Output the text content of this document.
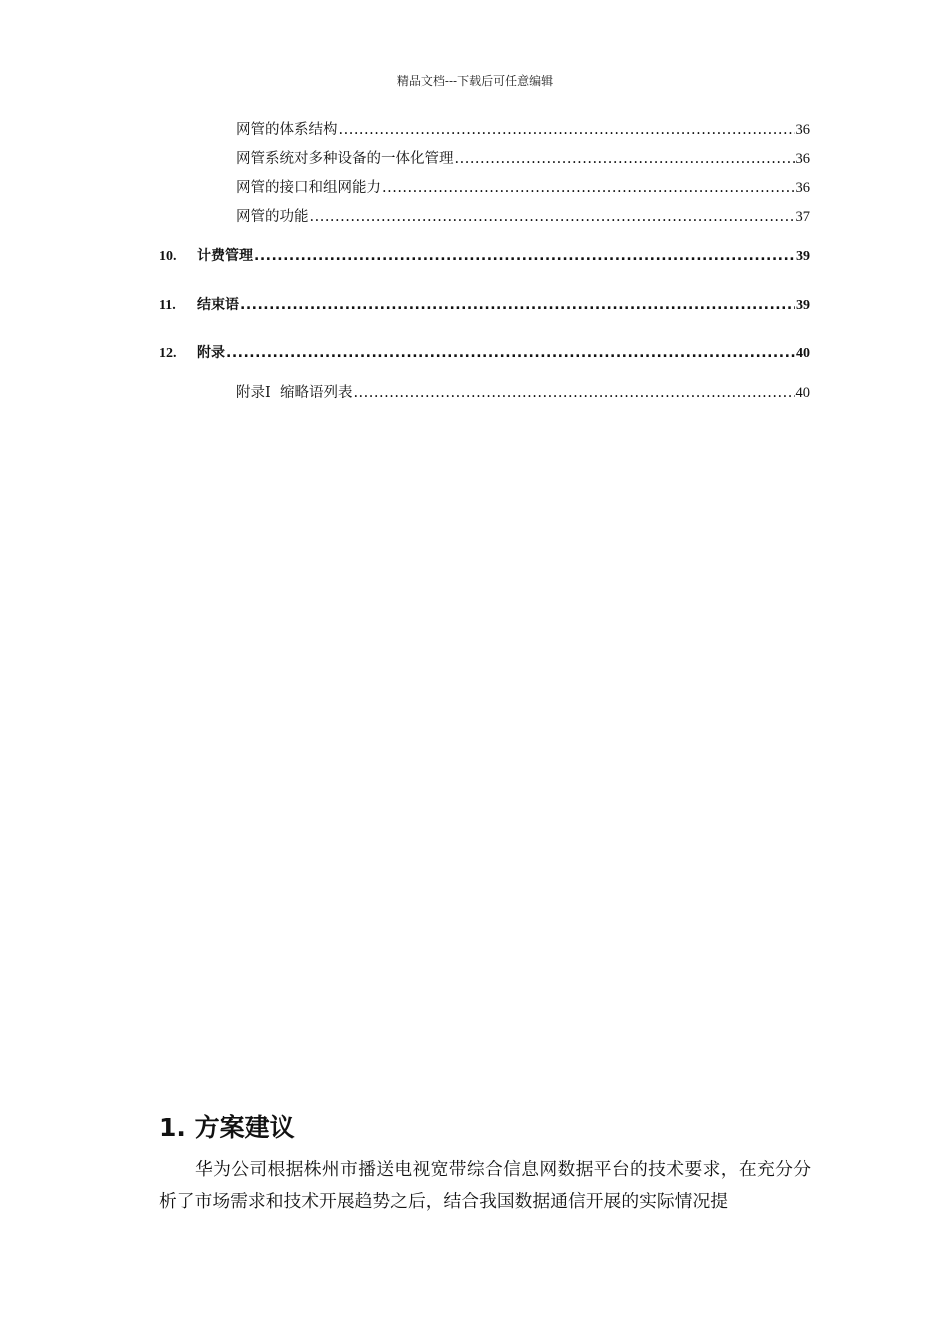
精品文档---下载后可任意编辑
网管的体系结构 .....	36
网管系统对多种设备的一体化管理 .....	36
网管的接口和组网能力 .....	36
网管的功能 .....	37
10.	计费管理 .....	39
11.	结束语 .....	39
12.	附录 .....	40
附录Ⅰ  缩略语列表 .....	40
1. 方案建议

华为公司根据株州市播送电视宽带综合信息网数据平台的技术要求，在充分分析了市场需求和技术开展趋势之后，结合我国数据通信开展的实际情况提
